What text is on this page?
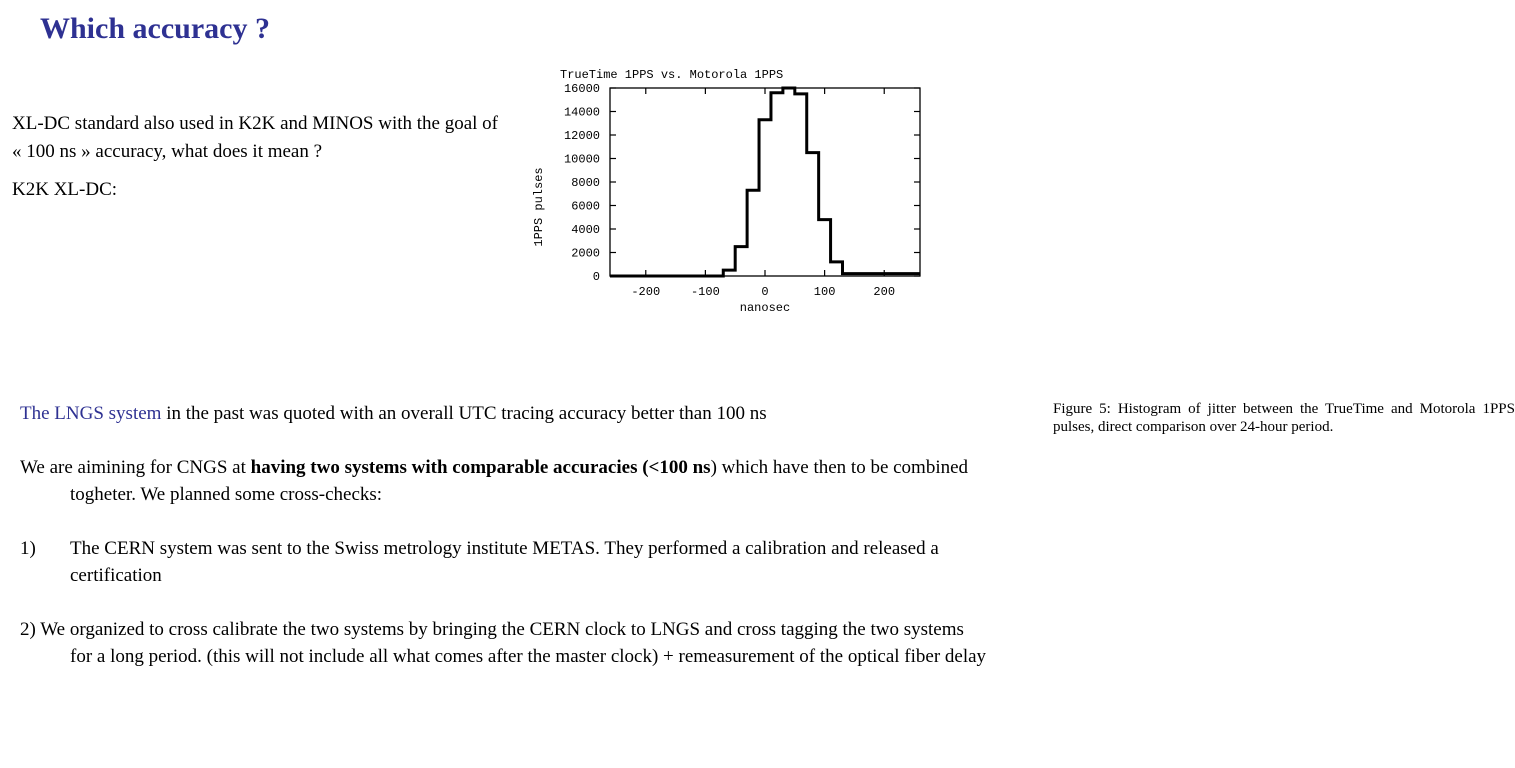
Which accuracy ?

XL-DC standard also used in K2K and MINOS with the goal of « 100 ns » accuracy, what does it mean ?

K2K XL-DC:

TrueTime 1PPS vs. Motorola 1PPS
0
2000
4000
6000
8000
10000
12000
14000
16000
-200	-100	0	100	200
nanosec
1PPS pulses
Figure 5: Histogram of jitter between the TrueTime and Motorola 1PPS pulses, direct comparison over 24-hour period.

The LNGS system in the past was quoted with an overall UTC tracing accuracy better than 100 ns

We are aimining for CNGS at having two systems with comparable accuracies (<100 ns) which have then to be combined togheter. We planned some cross-checks:

1) The CERN system was sent to the Swiss metrology institute METAS. They performed a calibration and released a certification

2) We organized to cross calibrate the two systems by bringing the CERN clock to LNGS and cross tagging the two systems for a long period. (this will not include all what comes after the master clock) + remeasurement of the optical fiber delay
